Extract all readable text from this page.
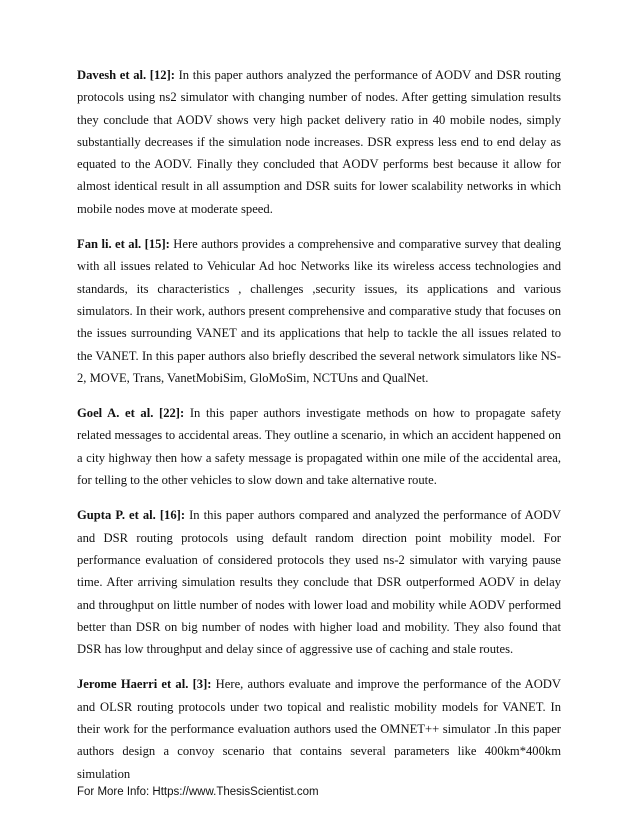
Davesh et al. [12]: In this paper authors analyzed the performance of AODV and DSR routing protocols using ns2 simulator with changing number of nodes. After getting simulation results they conclude that AODV shows very high packet delivery ratio in 40 mobile nodes, simply substantially decreases if the simulation node increases. DSR express less end to end delay as equated to the AODV. Finally they concluded that AODV performs best because it allow for almost identical result in all assumption and DSR suits for lower scalability networks in which mobile nodes move at moderate speed.

Fan li. et al. [15]: Here authors provides a comprehensive and comparative survey that dealing with all issues related to Vehicular Ad hoc Networks like its wireless access technologies and standards, its characteristics , challenges ,security issues, its applications and various simulators. In their work, authors present comprehensive and comparative study that focuses on the issues surrounding VANET and its applications that help to tackle the all issues related to the VANET. In this paper authors also briefly described the several network simulators like NS-2, MOVE, Trans, VanetMobiSim, GloMoSim, NCTUns and QualNet.

Goel A. et al. [22]: In this paper authors investigate methods on how to propagate safety related messages to accidental areas. They outline a scenario, in which an accident happened on a city highway then how a safety message is propagated within one mile of the accidental area, for telling to the other vehicles to slow down and take alternative route.

Gupta P. et al. [16]: In this paper authors compared and analyzed the performance of AODV and DSR routing protocols using default random direction point mobility model. For performance evaluation of considered protocols they used ns-2 simulator with varying pause time. After arriving simulation results they conclude that DSR outperformed AODV in delay and throughput on little number of nodes with lower load and mobility while AODV performed better than DSR on big number of nodes with higher load and mobility. They also found that DSR has low throughput and delay since of aggressive use of caching and stale routes.

Jerome Haerri et al. [3]: Here, authors evaluate and improve the performance of the AODV and OLSR routing protocols under two topical and realistic mobility models for VANET. In their work for the performance evaluation authors used the OMNET++ simulator .In this paper authors design a convoy scenario that contains several parameters like 400km*400km simulation

For More Info: Https://www.ThesisScientist.com
